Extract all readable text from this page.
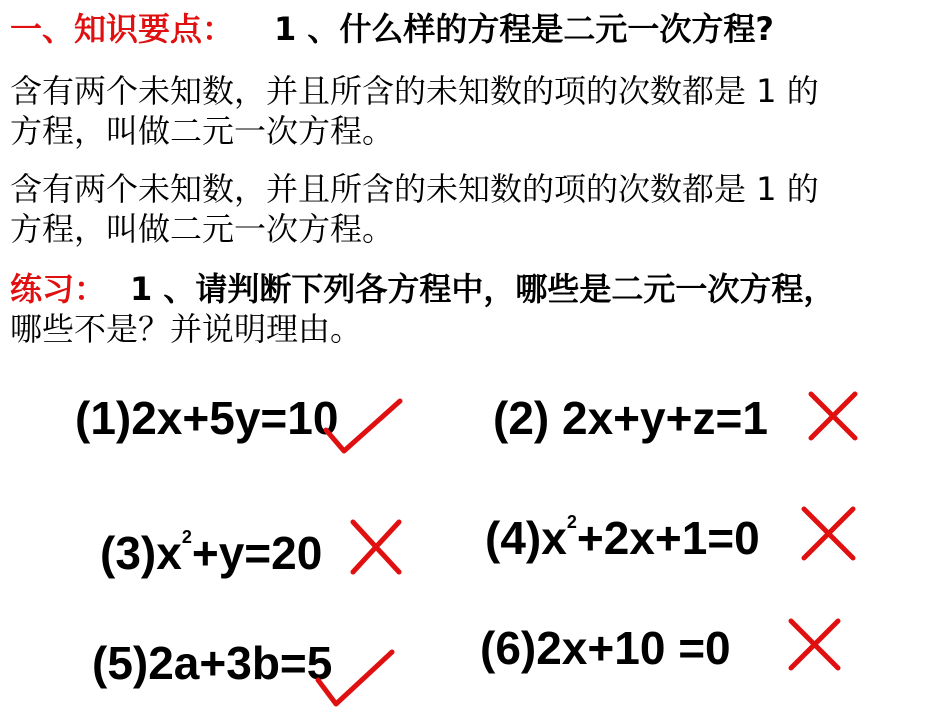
一、知识要点： 1 、什么样的方程是二元一次方程?
含有两个未知数，并且所含的未知数的项的次数都是 1 的
方程，叫做二元一次方程。
含有两个未知数，并且所含的未知数的项的次数都是 1 的
方程，叫做二元一次方程。
练习： 1 、请判断下列各方程中，哪些是二元一次方程，
哪些不是？并说明理由。
(1)2x+5y=10	(2) 2x+y+z=1
$(3)x^2+y=20$	$(4)x^2+2x+1=0$
(5)2a+3b=5	(6)2x+10 =0
